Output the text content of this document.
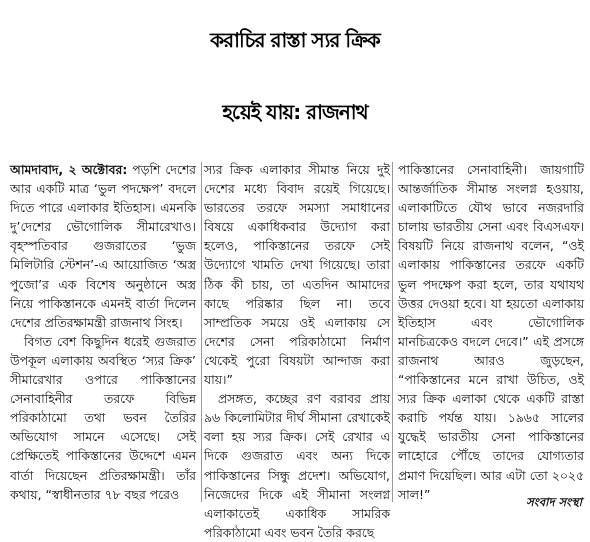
করাচির রাস্তা স্যর ক্রিক
হয়েই যায়: রাজনাথ

আমদাবাদ, ২ অক্টোবর: পড়শি দেশের আর একটি মাত্র ‘ভুল পদক্ষেপ’ বদলে দিতে পারে এলাকার ইতিহাস। এমনকি দু’দেশের ভৌগোলিক সীমারেখাও। বৃহস্পতিবার গুজরাতের ‘ভুজ মিলিটারি স্টেশন’-এ আয়োজিত ‘অস্ত্র পুজো’র এক বিশেষ অনুষ্ঠানে অস্ত্র নিয়ে পাকিস্তানকে এমনই বার্তা দিলেন দেশের প্রতিরক্ষামন্ত্রী রাজনাথ সিংহ।

বিগত বেশ কিছুদিন ধরেই গুজরাত উপকূল এলাকায় অবস্থিত ‘স্যর ক্রিক’ সীমারেখার ওপারে পাকিস্তানের সেনাবাহিনীর তরফে বিভিন্ন পরিকাঠামো তথা ভবন তৈরির অভিযোগ সামনে এসেছে। সেই প্রেক্ষিতেই পাকিস্তানের উদ্দেশে এমন বার্তা দিয়েছেন প্রতিরক্ষামন্ত্রী। তাঁর কথায়, “স্বাধীনতার ৭৮ বছর পরেও

স্যর ক্রিক এলাকার সীমান্ত নিয়ে দুই দেশের মধ্যে বিবাদ রয়েই গিয়েছে। ভারতের তরফে সমস্যা সমাধানের বিষয়ে একাধিকবার উদ্যোগ করা হলেও, পাকিস্তানের তরফে সেই উদ্যোগে খামতি দেখা গিয়েছে। তারা ঠিক কী চায়, তা এতদিন আমাদের কাছে পরিষ্কার ছিল না। তবে সাম্প্রতিক সময়ে ওই এলাকায় সে দেশের সেনা পরিকাঠামো নির্মাণ থেকেই পুরো বিষয়টা আন্দাজ করা যায়।”

প্রসঙ্গত, কচ্ছের রণ বরাবর প্রায় ৯৬ কিলোমিটার দীর্ঘ সীমানা রেখাকেই বলা হয় স্যর ক্রিক। সেই রেখার এ দিকে গুজরাত এবং অন্য দিকে পাকিস্তানের সিন্ধু প্রদেশ। অভিযোগ, নিজেদের দিকে এই সীমানা সংলগ্ন এলাকাতেই একাধিক সামরিক পরিকাঠামো এবং ভবন তৈরি করছে

পাকিস্তানের সেনাবাহিনী। জায়গাটি আন্তর্জাতিক সীমান্ত সংলগ্ন হওয়ায়, এলাকাটিতে যৌথ ভাবে নজরদারি চালায় ভারতীয় সেনা এবং বিএসএফ। বিষয়টি নিয়ে রাজনাথ বলেন, “ওই এলাকায় পাকিস্তানের তরফে একটি ভুল পদক্ষেপ করা হলে, তার যথাযথ উত্তর দেওয়া হবে। যা হয়তো এলাকায় ইতিহাস এবং ভৌগোলিক মানচিত্রকেও বদলে দেবে।” এই প্রসঙ্গে রাজনাথ আরও জুড়ছেন, “পাকিস্তানের মনে রাখা উচিত, ওই স্যর ক্রিক এলাকা থেকে একটি রাস্তা করাচি পর্যন্ত যায়। ১৯৬৫ সালের যুদ্ধেই ভারতীয় সেনা পাকিস্তানের লাহোরে পৌঁছে তাদের যোগ্যতার প্রমাণ দিয়েছিল। আর এটা তো ২০২৫ সাল!”

সংবাদ সংস্থা
